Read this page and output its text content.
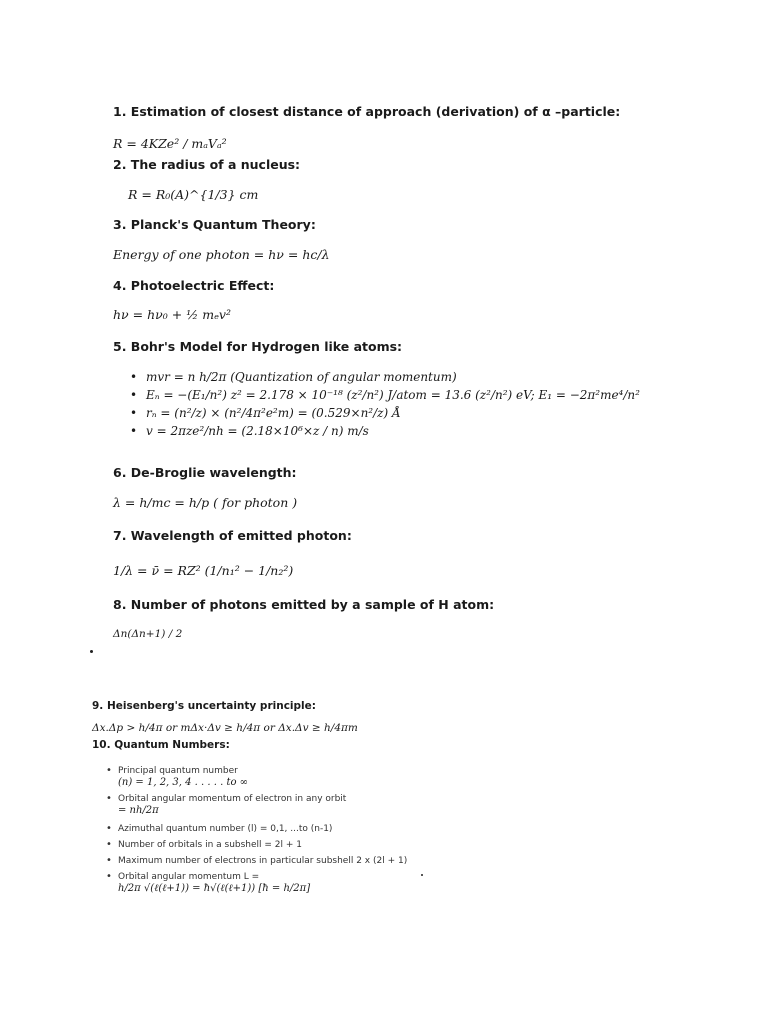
1. Estimation of closest distance of approach (derivation) of α –particle:
R = 4KZe² / mₐVₐ²
2. The radius of a nucleus:
R = R₀(A)^{1/3} cm
3. Planck's Quantum Theory:
Energy of one photon = hν = hc/λ
4. Photoelectric Effect:
hν = hν₀ + ½ mₑv²
5. Bohr's Model for Hydrogen like atoms:
• mvr = n h/2π (Quantization of angular momentum)
• Eₙ = −(E₁/n²) z² = 2.178 × 10⁻¹⁸ (z²/n²) J/atom = 13.6 (z²/n²) eV; E₁ = −2π²me⁴/n²
• rₙ = (n²/z) × (n²/4π²e²m) = (0.529×n²/z) Å
• v = 2πze²/nh = (2.18×10⁶×z / n) m/s
6. De-Broglie wavelength:
λ = h/mc = h/p ( for photon )
7. Wavelength of emitted photon:
1/λ = ν̄ = RZ² (1/n₁² − 1/n₂²)
8. Number of photons emitted by a sample of H atom:
Δn(Δn+1) / 2
9. Heisenberg's uncertainty principle:
Δx.Δp > h/4π or mΔx·Δv ≥ h/4π or Δx.Δv ≥ h/4πm
10. Quantum Numbers:
• Principal quantum number
(n) = 1, 2, 3, 4 . . . . . to ∞
• Orbital angular momentum of electron in any orbit
= nh/2π
• Azimuthal quantum number (l) = 0,1, ...to (n-1)
• Number of orbitals in a subshell = 2l + 1
• Maximum number of electrons in particular subshell 2 x (2l + 1)
• Orbital angular momentum L =
h/2π √(ℓ(ℓ+1)) = ħ√(ℓ(ℓ+1)) [ħ = h/2π]
